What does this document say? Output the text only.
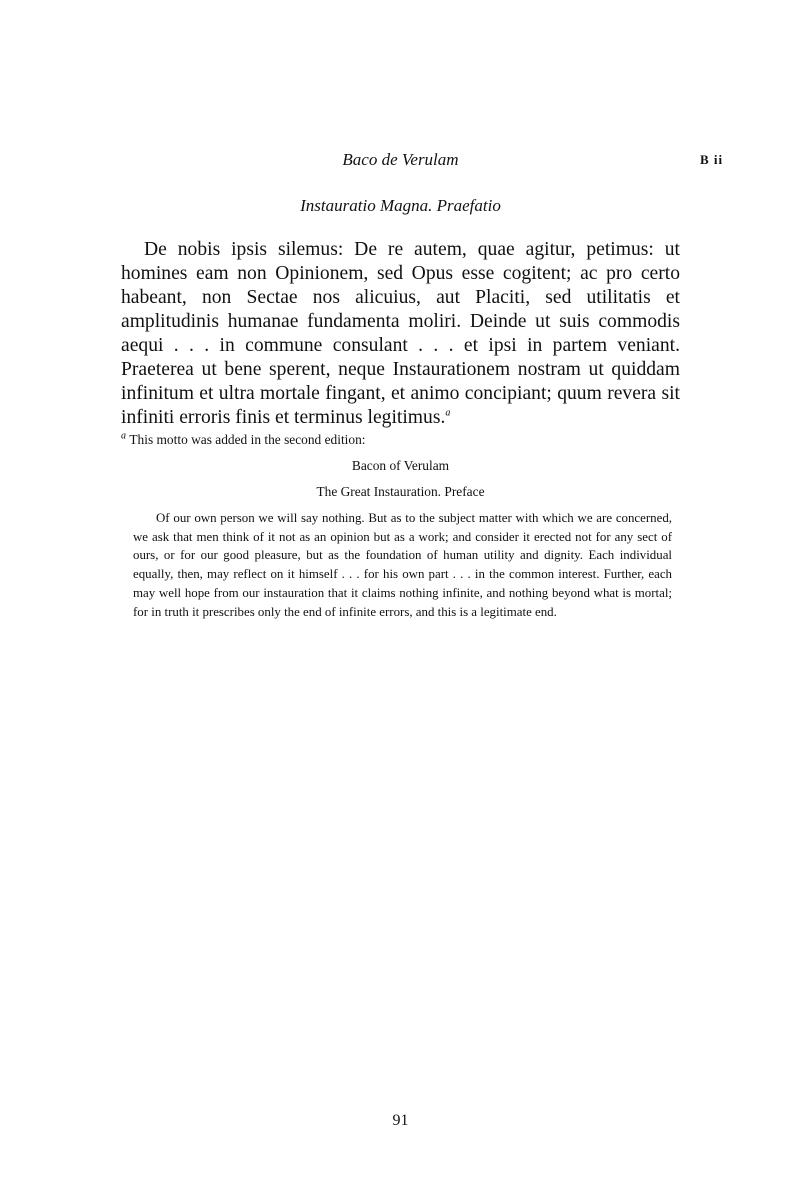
Baco de Verulam	B ii
Instauratio Magna. Praefatio

De nobis ipsis silemus: De re autem, quae agitur, petimus: ut homines eam non Opinionem, sed Opus esse cogitent; ac pro certo habeant, non Sectae nos alicuius, aut Placiti, sed utilitatis et amplitudinis humanae fundamenta moliri. Deinde ut suis commodis aequi . . . in commune consulant . . . et ipsi in partem veniant. Praeterea ut bene sperent, neque Instaurationem nostram ut quiddam infinitum et ultra mortale fingant, et animo concipiant; quum revera sit infiniti erroris finis et terminus legitimus.$^a$

$^a$ This motto was added in the second edition:

Bacon of Verulam

The Great Instauration. Preface

Of our own person we will say nothing. But as to the subject matter with which we are concerned, we ask that men think of it not as an opinion but as a work; and consider it erected not for any sect of ours, or for our good pleasure, but as the foundation of human utility and dignity. Each individual equally, then, may reflect on it himself . . . for his own part . . . in the common interest. Further, each may well hope from our instauration that it claims nothing infinite, and nothing beyond what is mortal; for in truth it prescribes only the end of infinite errors, and this is a legitimate end.

91
